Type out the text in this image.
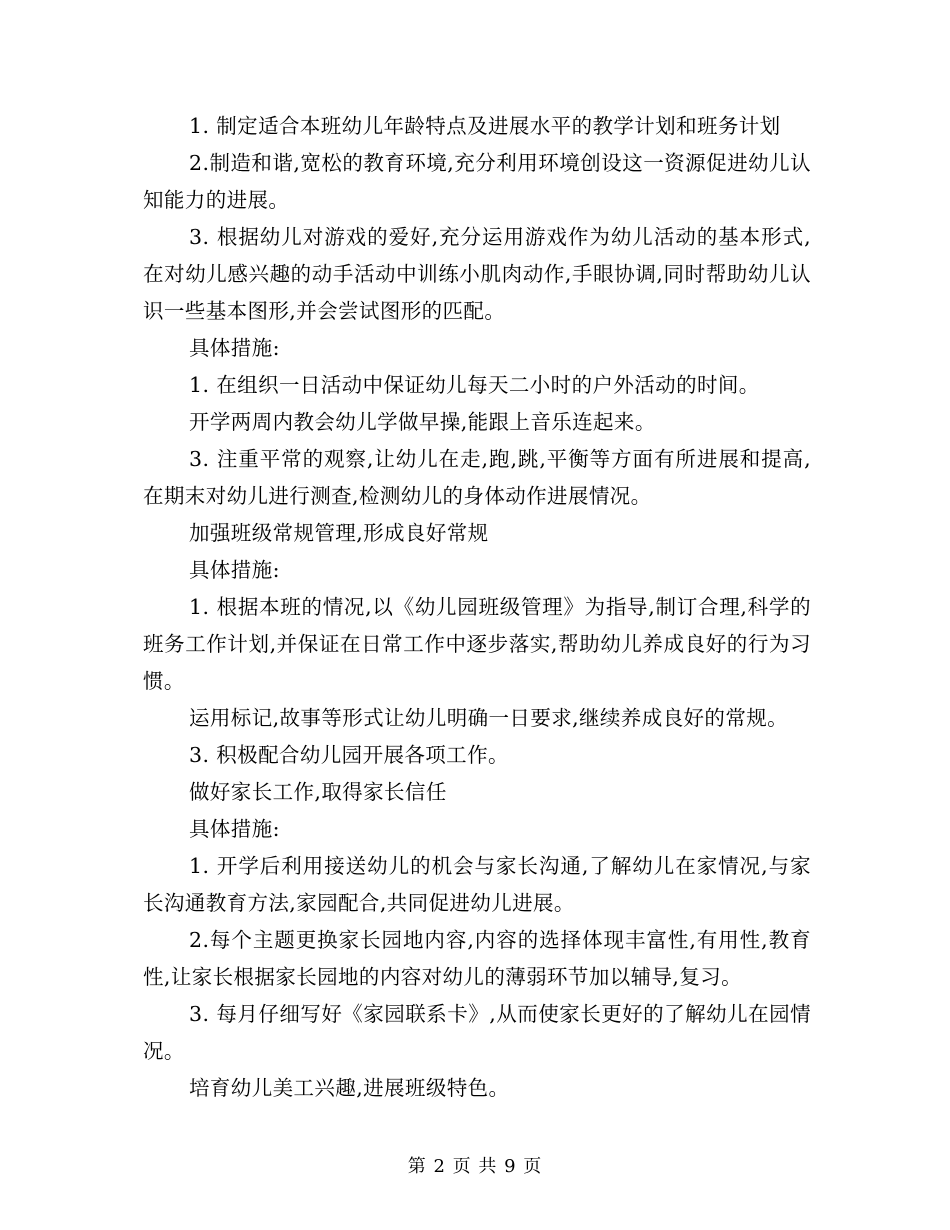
1. 制定适合本班幼儿年龄特点及进展水平的教学计划和班务计划

2.制造和谐,宽松的教育环境,充分利用环境创设这一资源促进幼儿认知能力的进展。

3. 根据幼儿对游戏的爱好,充分运用游戏作为幼儿活动的基本形式,在对幼儿感兴趣的动手活动中训练小肌肉动作,手眼协调,同时帮助幼儿认识一些基本图形,并会尝试图形的匹配。

具体措施:

1. 在组织一日活动中保证幼儿每天二小时的户外活动的时间。

开学两周内教会幼儿学做早操,能跟上音乐连起来。

3. 注重平常的观察,让幼儿在走,跑,跳,平衡等方面有所进展和提高,在期末对幼儿进行测查,检测幼儿的身体动作进展情况。

加强班级常规管理,形成良好常规

具体措施:

1. 根据本班的情况,以《幼儿园班级管理》为指导,制订合理,科学的班务工作计划,并保证在日常工作中逐步落实,帮助幼儿养成良好的行为习惯。

运用标记,故事等形式让幼儿明确一日要求,继续养成良好的常规。

3. 积极配合幼儿园开展各项工作。

做好家长工作,取得家长信任

具体措施:

1. 开学后利用接送幼儿的机会与家长沟通,了解幼儿在家情况,与家长沟通教育方法,家园配合,共同促进幼儿进展。

2.每个主题更换家长园地内容,内容的选择体现丰富性,有用性,教育性,让家长根据家长园地的内容对幼儿的薄弱环节加以辅导,复习。

3. 每月仔细写好《家园联系卡》,从而使家长更好的了解幼儿在园情况。

培育幼儿美工兴趣,进展班级特色。

第 2 页 共 9 页
